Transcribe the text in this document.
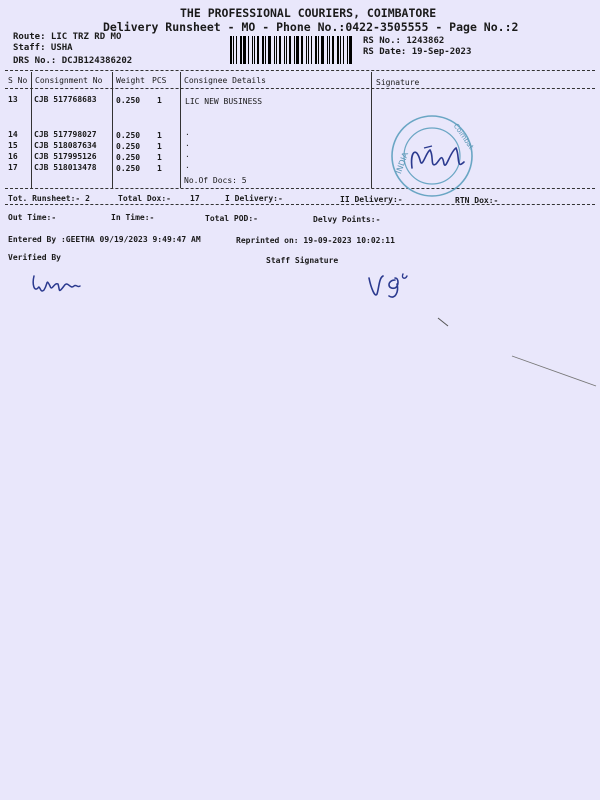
THE PROFESSIONAL COURIERS, COIMBATORE
Delivery Runsheet - MO - Phone No.:0422-3505555 - Page No.:2
Route: LIC TRZ RD MO
Staff: USHA
DRS No.: DCJB124386202
RS No.: 1243862
RS Date: 19-Sep-2023
S No Consignment No Weight PCS Consignee Details	Signature
13 CJB 517768683 0.250 1	LIC NEW BUSINESS
14 CJB 517798027 0.250 1	.
15 CJB 518087634 0.250 1	.
16 CJB 517995126 0.250 1	.
17 CJB 518013478 0.250 1	.
No.Of Docs: 5
INDIA
Coimbat
Tot. Runsheet:- 2	Total Dox:- 17	I Delivery:-	II Delivery:-	RTN Dox:-
Out Time:-	In Time:-	Total POD:-	Delvy Points:-
Entered By :GEETHA 09/19/2023 9:49:47 AM	Reprinted on: 19-09-2023 10:02:11
Verified By	Staff Signature
